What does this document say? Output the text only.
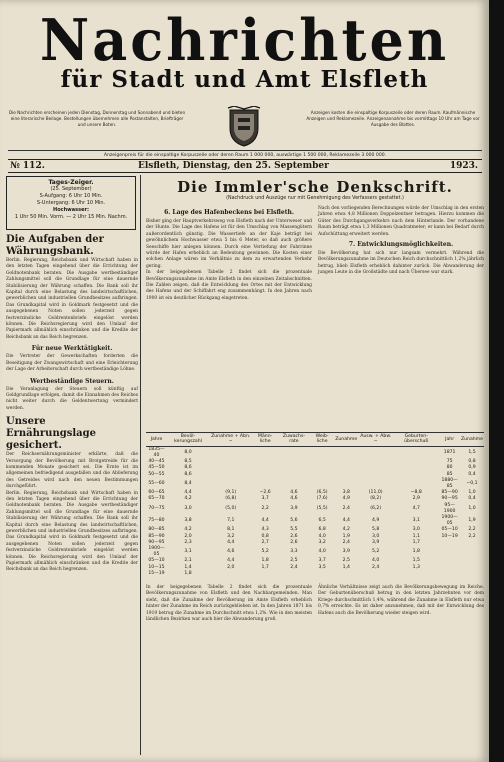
Nachrichten
für Stadt und Amt Elsfleth
Die Nachrichten erscheinen jeden Dienstag, Donnerstag und Sonnabend und bieten eine literarische Beilage. Bestellungen übernehmen alle Postanstalten, Briefträger und unsere Boten.
Anzeigen kosten die einspaltige Korpuszeile oder deren Raum. Kaufmännische Anzeigen und Reklamezeile. Anzeigenannahme bis vormittags 10 Uhr am Tage vor Ausgabe des Blattes.
Anzeigenpreis für die einspaltige Korpuszeile oder deren Raum 1 000 000, auswärtige 1 500 000, Reklamezeile 3 000 000.
№ 112.	Elsfleth, Dienstag, den 25. September	1923.
Tages-Zeiger.
(25. September)
S-Aufgang: 6 Uhr 10 Min.
S-Untergang: 6 Uhr 10 Min.
Hochwasser:
1 Uhr 50 Min. Vorm. — 2 Uhr 15 Min. Nachm.
Die Aufgaben der Währungsbank.
Berlin. Regierung, Reichsbank und Wirtschaft haben in den letzten Tagen eingehend über die Errichtung der Goldnotenbank beraten. Die Ausgabe wertbeständiger Zahlungsmittel soll die Grundlage für eine dauernde Stabilisierung der Währung schaffen. Die Bank soll ihr Kapital durch eine Belastung des landwirtschaftlichen, gewerblichen und industriellen Grundbesitzes aufbringen. Das Grundkapital wird in Goldmark festgesetzt und die ausgegebenen Noten sollen jederzeit gegen festverzinsliche Goldrentenbriefe eingelöst werden können. Die Reichsregierung wird den Umlauf der Papiermark allmählich einschränken und die Kredite der Reichsbank an das Reich begrenzen.
Für neue Werktätigkeit.
Die Vertreter der Gewerkschaften forderten die Beseitigung der Zwangswirtschaft und eine Erleichterung der Lage der Arbeiterschaft durch wertbeständige Löhne.
Wertbeständige Steuern.
Die Veranlagung der Steuern soll künftig auf Goldgrundlage erfolgen, damit die Einnahmen des Reiches nicht weiter durch die Geldentwertung vermindert werden.
Unsere Ernährungslage gesichert.
Der Reichsernährungsminister erklärte, daß die Versorgung der Bevölkerung mit Brotgetreide für die kommenden Monate gesichert sei. Die Ernte ist im allgemeinen befriedigend ausgefallen und die Ablieferung des Getreides wird nach den neuen Bestimmungen durchgeführt.
Berlin. Regierung, Reichsbank und Wirtschaft haben in den letzten Tagen eingehend über die Errichtung der Goldnotenbank beraten. Die Ausgabe wertbeständiger Zahlungsmittel soll die Grundlage für eine dauernde Stabilisierung der Währung schaffen. Die Bank soll ihr Kapital durch eine Belastung des landwirtschaftlichen, gewerblichen und industriellen Grundbesitzes aufbringen. Das Grundkapital wird in Goldmark festgesetzt und die ausgegebenen Noten sollen jederzeit gegen festverzinsliche Goldrentenbriefe eingelöst werden können. Die Reichsregierung wird den Umlauf der Papiermark allmählich einschränken und die Kredite der Reichsbank an das Reich begrenzen.
Die Immler'sche Denkschrift.
(Nachdruck und Auszüge nur mit Genehmigung des Verfassers gestattet.)
6. Lage des Hafenbeckens bei Elsfleth.
Bisher ging der Hauptverkehrsweg von Elsfleth nach der Unterweser und der Hunte. Die Lage des Hafens ist für den Umschlag von Massengütern außerordentlich günstig. Die Wassertiefe an der Kaje beträgt bei gewöhnlichem Hochwasser etwa 5 bis 6 Meter, so daß auch größere Seeschiffe hier anlegen können. Durch eine Vertiefung der Fahrrinne würde der Hafen erheblich an Bedeutung gewinnen. Die Kosten einer solchen Anlage wären im Verhältnis zu dem zu erwartenden Verkehr gering.
In der beigegebenen Tabelle 2 findet sich die prozentuale Bevölkerungszunahme im Amte Elsfleth in den einzelnen Zeitabschnitten. Die Zahlen zeigen, daß die Entwicklung des Ortes mit der Entwicklung des Hafens und der Schiffahrt eng zusammenhängt. In den Jahren nach 1900 ist ein deutlicher Rückgang eingetreten.
Nach den vorliegenden Berechnungen würde der Umschlag in den ersten Jahren etwa 4,8 Millionen Doppelzentner betragen. Hierzu kommen die Güter des Durchgangsverkehrs nach dem Hinterlande. Der vorhandene Raum beträgt etwa 1,3 Millionen Quadratmeter; er kann bei Bedarf durch Aufschüttung erweitert werden.
7. Entwicklungsmöglichkeiten.
Die Bevölkerung hat sich nur langsam vermehrt. Während die Bevölkerungszunahme im Deutschen Reich durchschnittlich 1,2% jährlich betrug, blieb Elsfleth erheblich dahinter zurück. Die Abwanderung der jungen Leute in die Großstädte und nach Übersee war stark.
Jahre	Bevöl-kerungszahl	Zunahme + Abn. −	Männ-liche	Zuwachs-rate	Weib-liche	Zunahme	Ausw. + Abw. −	Geburten-überschuß	Jahr	Zunahme
1835—40	8,0								1871	1,5
40—45	8,5								75	0,8
45—50	8,6								80	0,9
50—55	8,6								85	0,4
55—60	8,4								1880—85	−0,1
60—65	4,4	(9,1)	−2,6	4,6	(6,5)	3,8	(11,0)	−8,8	85—90	1,0
65—70	4,2	(6,8)	3,7	4,6	(7,6)	4,9	(8,2)	2,9	90—95	0,4
70—75	3,0	(5,0)	2,2	3,9	(5,5)	2,4	(6,2)	4,7	95—1900	1,0
75—80	3,8	7,1	4,4	5,6	6,5	4,4	4,9	3,1	1900—05	1,9
80—85	4,2	8,1	4,3	5,5	6,8	4,2	5,8	3,0	05—10	2,2
85—90	2,0	3,2	0,8	2,6	4,0	1,9	3,0	1,1	10—19	2,2
90—95	2,3	4,4	2,7	2,6	3,2	2,4	3,9	1,7		
1900—05	3,1	4,6	5,2	3,3	4,0	3,9	5,2	1,8		
05—10	2,1	4,4	1,8	2,5	3,7	2,5	4,0	1,5		
10—15	1,4	2,0	1,7	2,4	3,5	1,4	2,4	1,3		
15—19	1,8									
In der beigegebenen Tabelle 2 findet sich die prozentuale Bevölkerungszunahme von Elsfleth und den Nachbargemeinden. Man sieht, daß die Zunahme der Bevölkerung im Amte Elsfleth erheblich hinter der Zunahme im Reich zurückgeblieben ist. In den Jahren 1871 bis 1919 betrug die Zunahme im Durchschnitt etwa 1,2%. Wie in den meisten ländlichen Bezirken war auch hier die Abwanderung groß.
Ähnliche Verhältnisse zeigt auch die Bevölkerungsbewegung im Reiche. Der Geburtenüberschuß betrug in den letzten Jahrzehnten vor dem Kriege durchschnittlich 1,4%, während die Zunahme in Elsfleth nur etwa 0,7% erreichte. Es ist daher anzunehmen, daß mit der Entwicklung des Hafens auch die Bevölkerung wieder steigen wird.
